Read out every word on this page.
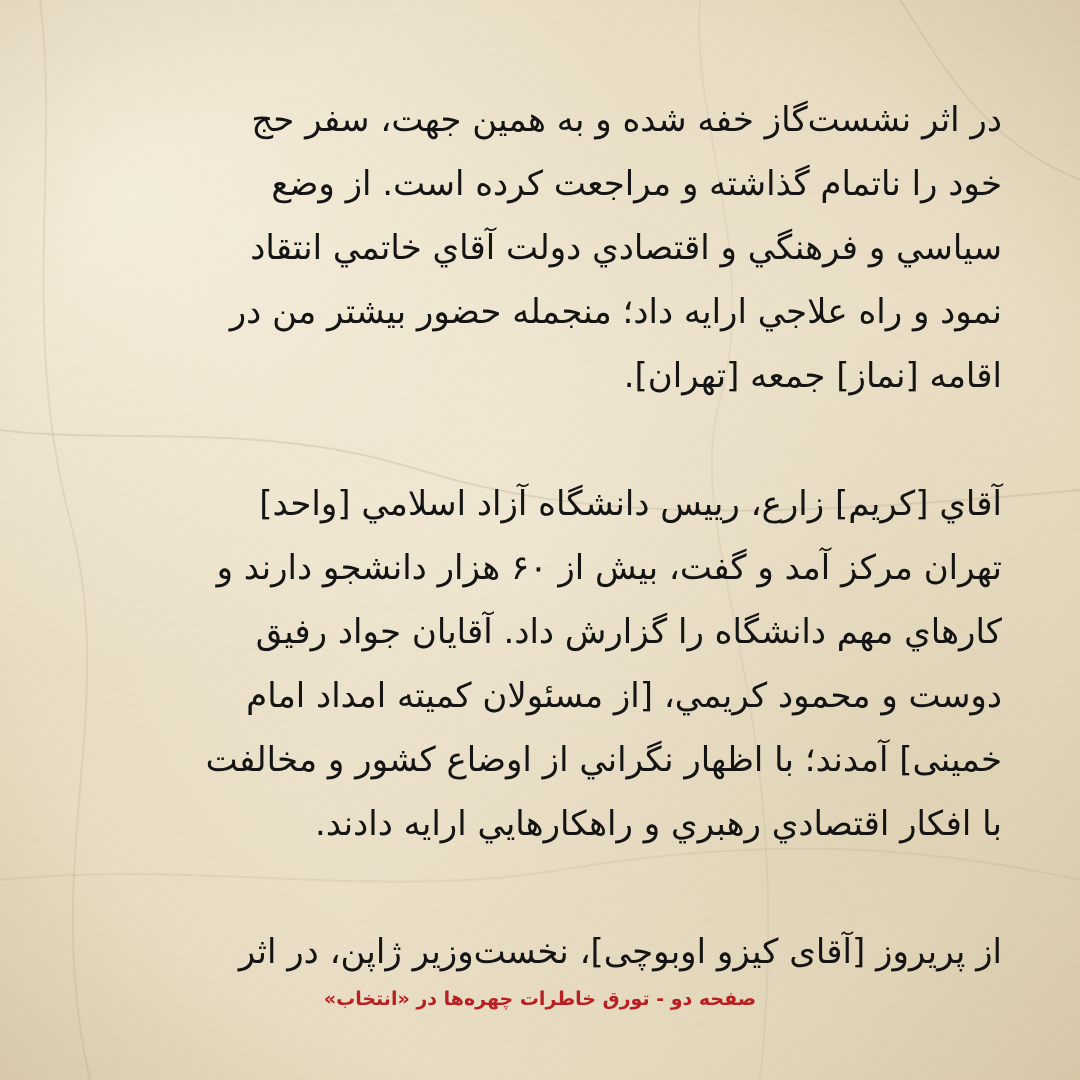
در اثر نشست‌گاز خفه شده و به همین جهت، سفر حج
خود را ناتمام گذاشته و مراجعت کرده است. از وضع
سياسي و فرهنگي و اقتصادي دولت آقاي خاتمي انتقاد
نمود و راه علاجي ارايه داد؛ منجمله حضور بيشتر من در
اقامه [نماز] جمعه [تهران].

آقاي [كريم] زارع، رييس دانشگاه آزاد اسلامي [واحد]
تهران مركز آمد و گفت، بيش از ۶۰ هزار دانشجو دارند و
كارهاي مهم دانشگاه را گزارش داد. آقايان جواد رفيق
دوست و محمود كريمي، [از مسئولان كميته امداد امام
خمینی] آمدند؛ با اظهار نگراني از اوضاع كشور و مخالفت
با افكار اقتصادي رهبري و راهكارهايي ارايه دادند.

از پريروز [آقای کیزو اوبوچی]، نخست‌وزیر ژاپن، در اثر

صفحه دو - تورق خاطرات چهره‌ها در «انتخاب»
